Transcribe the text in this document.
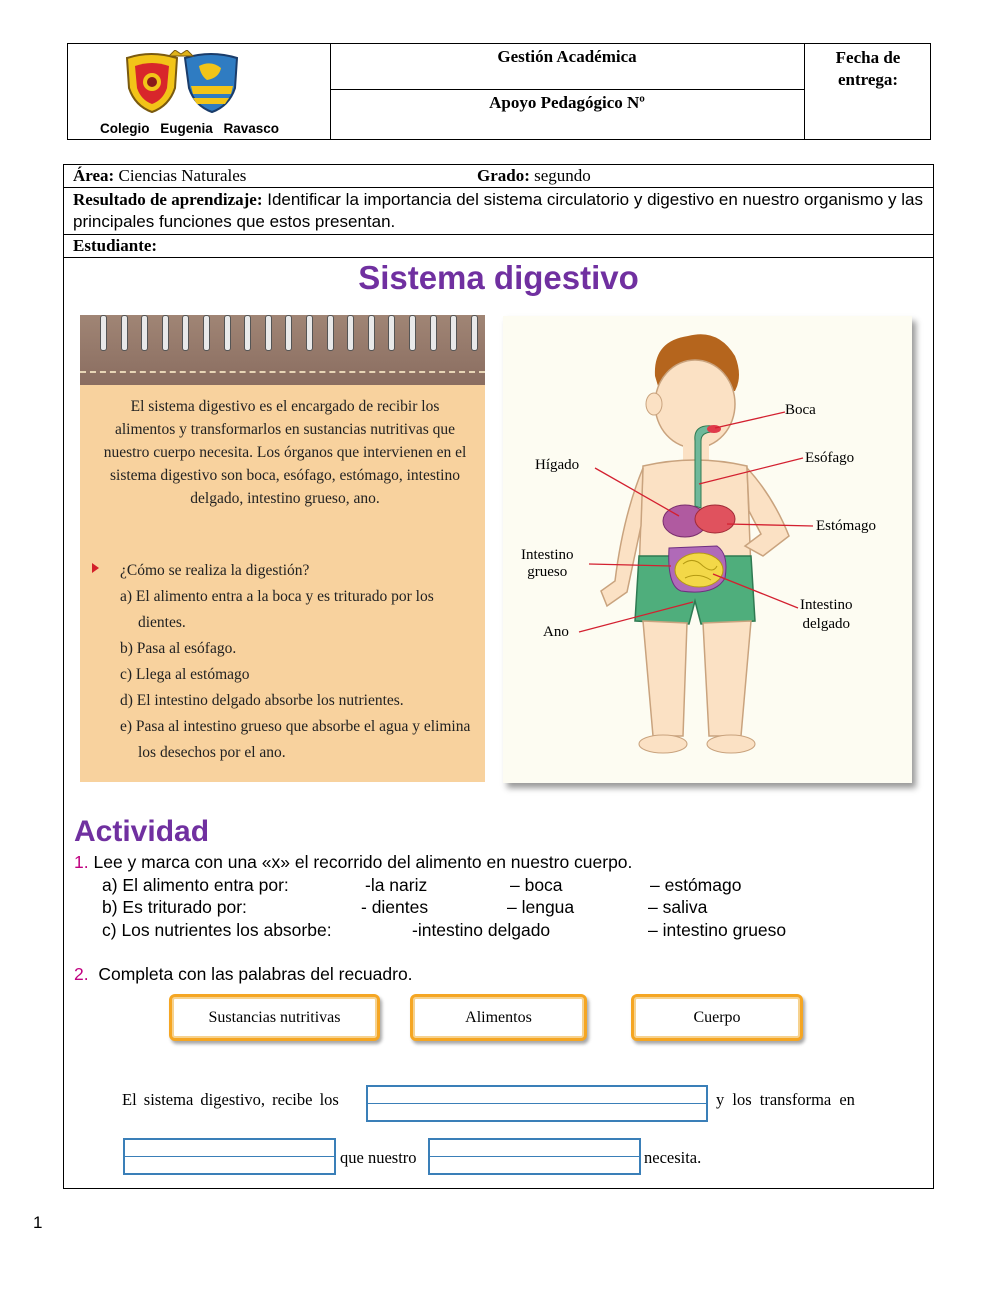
Colegio Eugenia Ravasco
Gestión Académica
Apoyo Pedagógico Nº
Fecha de
entrega:
Área: Ciencias Naturales	Grado: segundo
Resultado de aprendizaje: Identificar la importancia del sistema circulatorio y digestivo en nuestro organismo y las principales funciones que estos presentan.
Estudiante:
Sistema digestivo
Actividad
1. Lee y marca con una «x» el recorrido del alimento en nuestro cuerpo.
a) El alimento entra por:	-la nariz	– boca	– estómago
b) Es triturado por:	- dientes	– lengua	– saliva
c) Los nutrientes los absorbe:	-intestino delgado	– intestino grueso
2. Completa con las palabras del recuadro.
Sustancias nutritivas	Alimentos	Cuerpo
El sistema digestivo, recibe los	y los transforma en
que nuestro	necesita.
El sistema digestivo es el encargado de recibir los alimentos y transformarlos en sustancias nutritivas que nuestro cuerpo necesita. Los órganos que intervienen en el sistema digestivo son boca, esófago, estómago, intestino delgado, intestino grueso, ano.
¿Cómo se realiza la digestión?
a) El alimento entra a la boca y es triturado por los dientes.
b) Pasa al esófago.
c) Llega al estómago
d) El intestino delgado absorbe los nutrientes.
e) Pasa al intestino grueso que absorbe el agua y elimina los desechos por el ano.
Boca
Esófago
Hígado
Estómago
Intestino
grueso
Intestino
delgado
Ano
1
